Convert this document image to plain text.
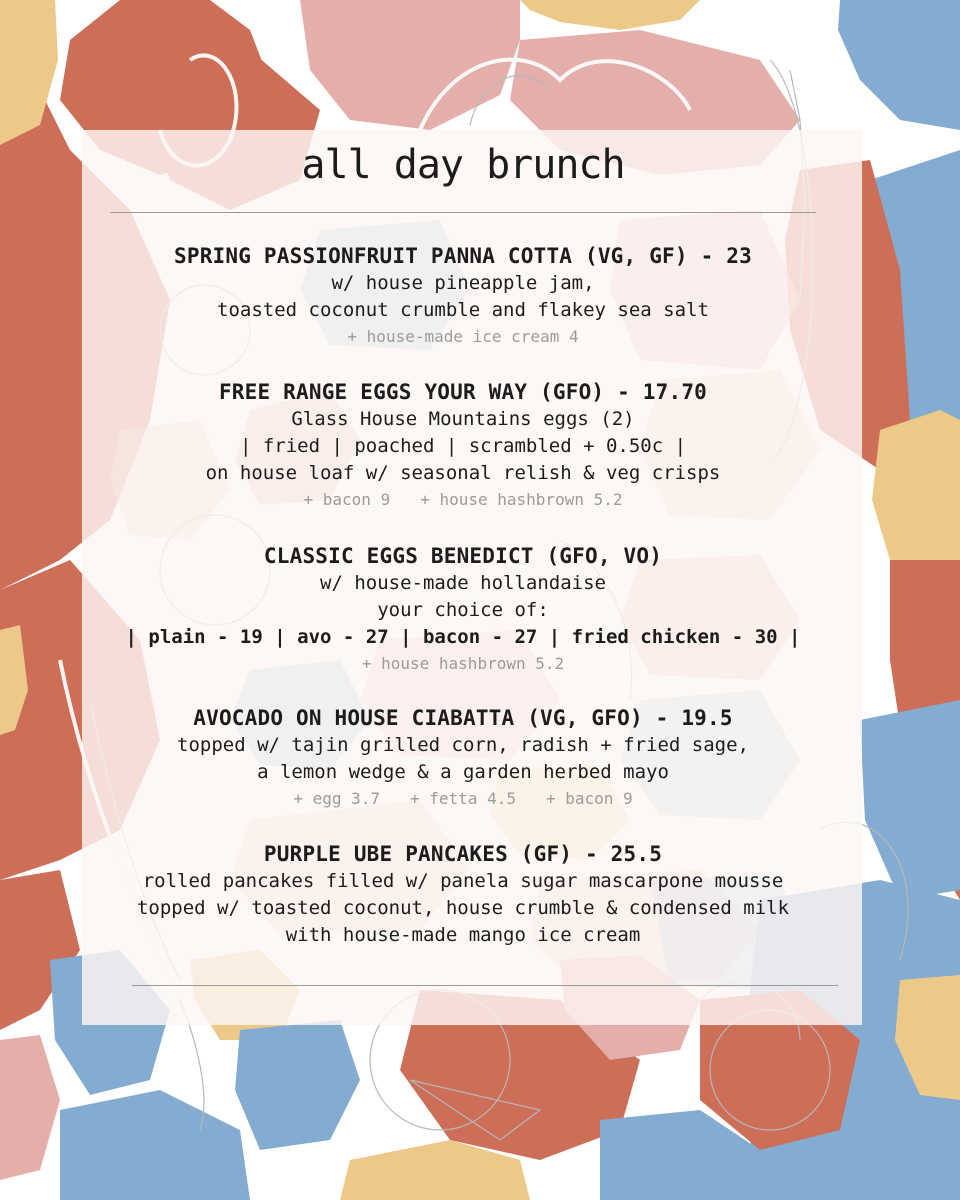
all day brunch
SPRING PASSIONFRUIT PANNA COTTA (VG, GF) - 23
w/ house pineapple jam,
toasted coconut crumble and flakey sea salt
+ house-made ice cream 4
FREE RANGE EGGS YOUR WAY (GFO) - 17.70
Glass House Mountains eggs (2)
| fried | poached | scrambled + 0.50c |
on house loaf w/ seasonal relish & veg crisps
+ bacon 9 + house hashbrown 5.2
CLASSIC EGGS BENEDICT (GFO, VO)
w/ house-made hollandaise
your choice of:
| plain - 19 | avo - 27 | bacon - 27 | fried chicken - 30 |
+ house hashbrown 5.2
AVOCADO ON HOUSE CIABATTA (VG, GFO) - 19.5
topped w/ tajin grilled corn, radish + fried sage,
a lemon wedge & a garden herbed mayo
+ egg 3.7 + fetta 4.5 + bacon 9
PURPLE UBE PANCAKES (GF) - 25.5
rolled pancakes filled w/ panela sugar mascarpone mousse
topped w/ toasted coconut, house crumble & condensed milk
with house-made mango ice cream
